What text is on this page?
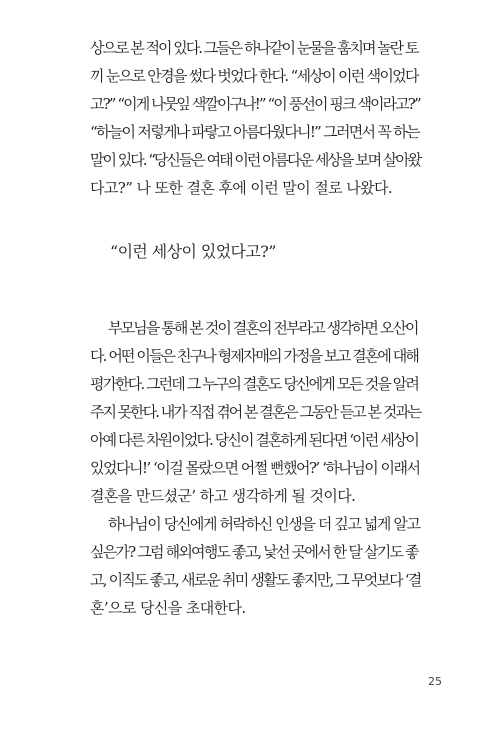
상으로 본 적이 있다. 그들은 하나같이 눈물을 훔치며 놀란 토
끼 눈으로 안경을 썼다 벗었다 한다. “세상이 이런 색이었다
고?” “이게 나뭇잎 색깔이구나!” “이 풍선이 핑크 색이라고?”
“하늘이 저렇게나 파랗고 아름다웠다니!” 그러면서 꼭 하는
말이 있다. “당신들은 여태 이런 아름다운 세상을 보며 살아왔
다고?” 나 또한 결혼 후에 이런 말이 절로 나왔다.
“이런 세상이 있었다고?”
부모님을 통해 본 것이 결혼의 전부라고 생각하면 오산이
다. 어떤 이들은 친구나 형제자매의 가정을 보고 결혼에 대해
평가한다. 그런데 그 누구의 결혼도 당신에게 모든 것을 알려
주지 못한다. 내가 직접 겪어 본 결혼은 그동안 듣고 본 것과는
아예 다른 차원이었다. 당신이 결혼하게 된다면 ‘이런 세상이
있었다니!’ ‘이걸 몰랐으면 어쩔 뻔했어?’ ‘하나님이 이래서
결혼을 만드셨군’ 하고 생각하게 될 것이다.
하나님이 당신에게 허락하신 인생을 더 깊고 넓게 알고
싶은가? 그럼 해외여행도 좋고, 낯선 곳에서 한 달 살기도 좋
고, 이직도 좋고, 새로운 취미 생활도 좋지만, 그 무엇보다 ‘결
혼’으로 당신을 초대한다.
25
